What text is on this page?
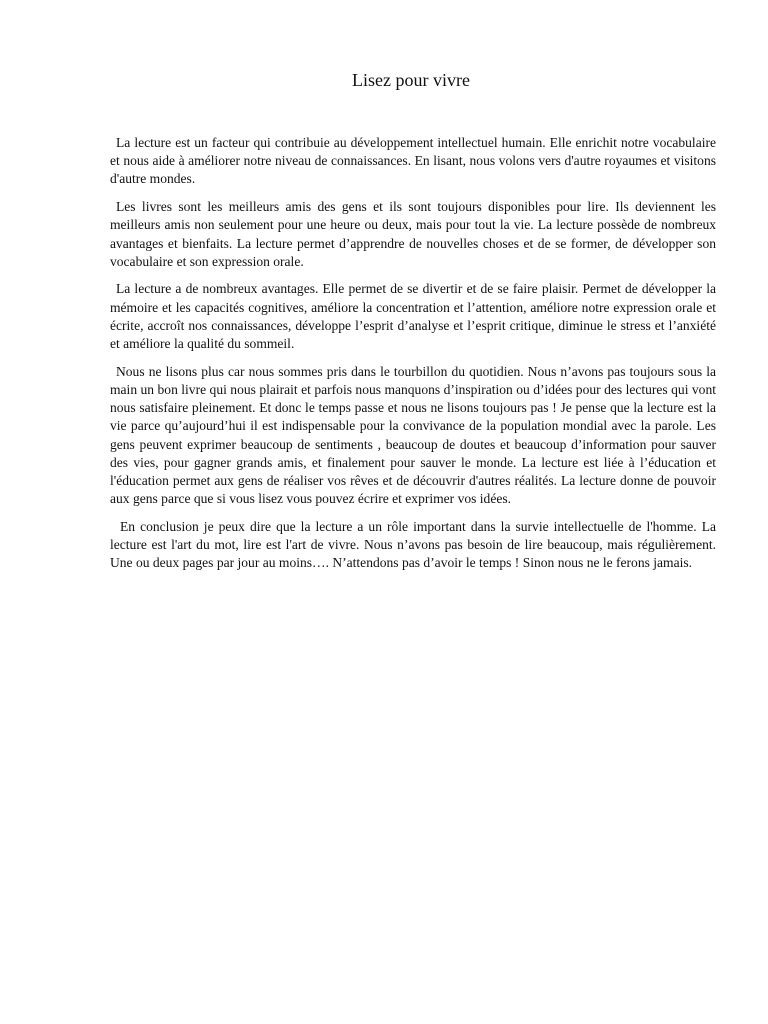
Lisez pour vivre

La lecture est un facteur qui contribuie au développement intellectuel humain. Elle enrichit notre vocabulaire et nous aide à améliorer notre niveau de connaissances. En lisant, nous volons vers d'autre royaumes et visitons d'autre mondes.

Les livres sont les meilleurs amis des gens et ils sont toujours disponibles pour lire. Ils deviennent les meilleurs amis non seulement pour une heure ou deux, mais pour tout la vie. La lecture possède de nombreux avantages et bienfaits. La lecture permet d’apprendre de nouvelles choses et de se former, de développer son vocabulaire et son expression orale.

La lecture a de nombreux avantages. Elle permet de se divertir et de se faire plaisir. Permet de développer la mémoire et les capacités cognitives, améliore la concentration et l’attention, améliore notre expression orale et écrite, accroît nos connaissances, développe l’esprit d’analyse et l’esprit critique, diminue le stress et l’anxiété et améliore la qualité du sommeil.

Nous ne lisons plus car nous sommes pris dans le tourbillon du quotidien. Nous n’avons pas toujours sous la main un bon livre qui nous plairait et parfois nous manquons d’inspiration ou d’idées pour des lectures qui vont nous satisfaire pleinement. Et donc le temps passe et nous ne lisons toujours pas ! Je pense que la lecture est la vie parce qu’aujourd’hui il est indispensable pour la convivance de la population mondial avec la parole. Les gens peuvent exprimer beaucoup de sentiments , beaucoup de doutes et beaucoup d’information pour sauver des vies, pour gagner grands amis, et finalement pour sauver le monde. La lecture est liée à l’éducation et l'éducation permet aux gens de réaliser vos rêves et de découvrir d'autres réalités. La lecture donne de pouvoir aux gens parce que si vous lisez vous pouvez écrire et exprimer vos idées.

En conclusion je peux dire que la lecture a un rôle important dans la survie intellectuelle de l'homme. La lecture est l'art du mot, lire est l'art de vivre. Nous n’avons pas besoin de lire beaucoup, mais régulièrement. Une ou deux pages par jour au moins…. N’attendons pas d’avoir le temps ! Sinon nous ne le ferons jamais.
